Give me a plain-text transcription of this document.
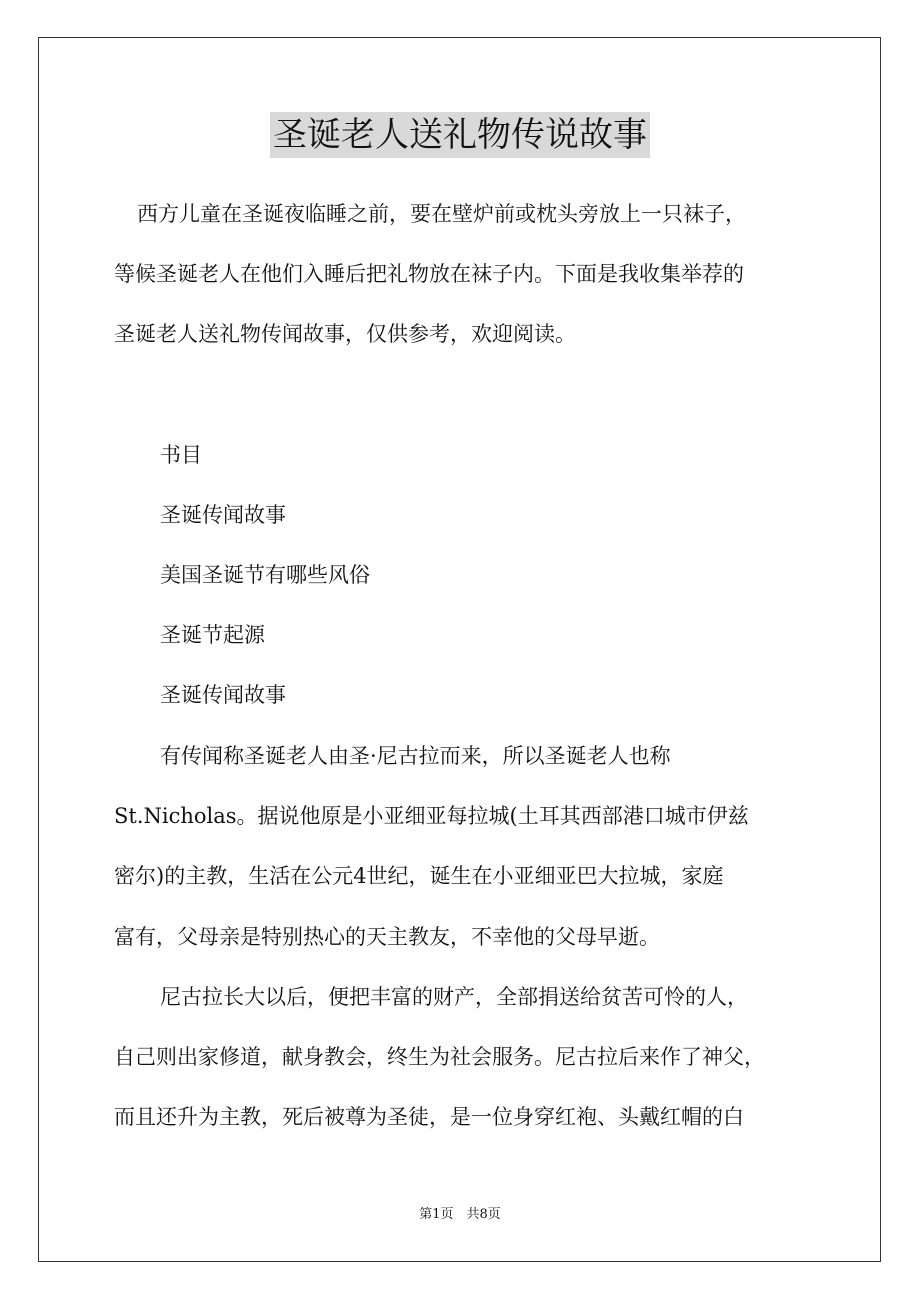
圣诞老人送礼物传说故事
西方儿童在圣诞夜临睡之前，要在壁炉前或枕头旁放上一只袜子，
等候圣诞老人在他们入睡后把礼物放在袜子内。下面是我收集举荐的
圣诞老人送礼物传闻故事，仅供参考，欢迎阅读。
书目
圣诞传闻故事
美国圣诞节有哪些风俗
圣诞节起源
圣诞传闻故事
有传闻称圣诞老人由圣·尼古拉而来，所以圣诞老人也称
St.Nicholas。据说他原是小亚细亚每拉城(土耳其西部港口城市伊兹
密尔)的主教，生活在公元4世纪，诞生在小亚细亚巴大拉城，家庭
富有，父母亲是特别热心的天主教友，不幸他的父母早逝。
尼古拉长大以后，便把丰富的财产，全部捐送给贫苦可怜的人，
自己则出家修道，献身教会，终生为社会服务。尼古拉后来作了神父，
而且还升为主教，死后被尊为圣徒，是一位身穿红袍、头戴红帽的白
第1页　共8页
